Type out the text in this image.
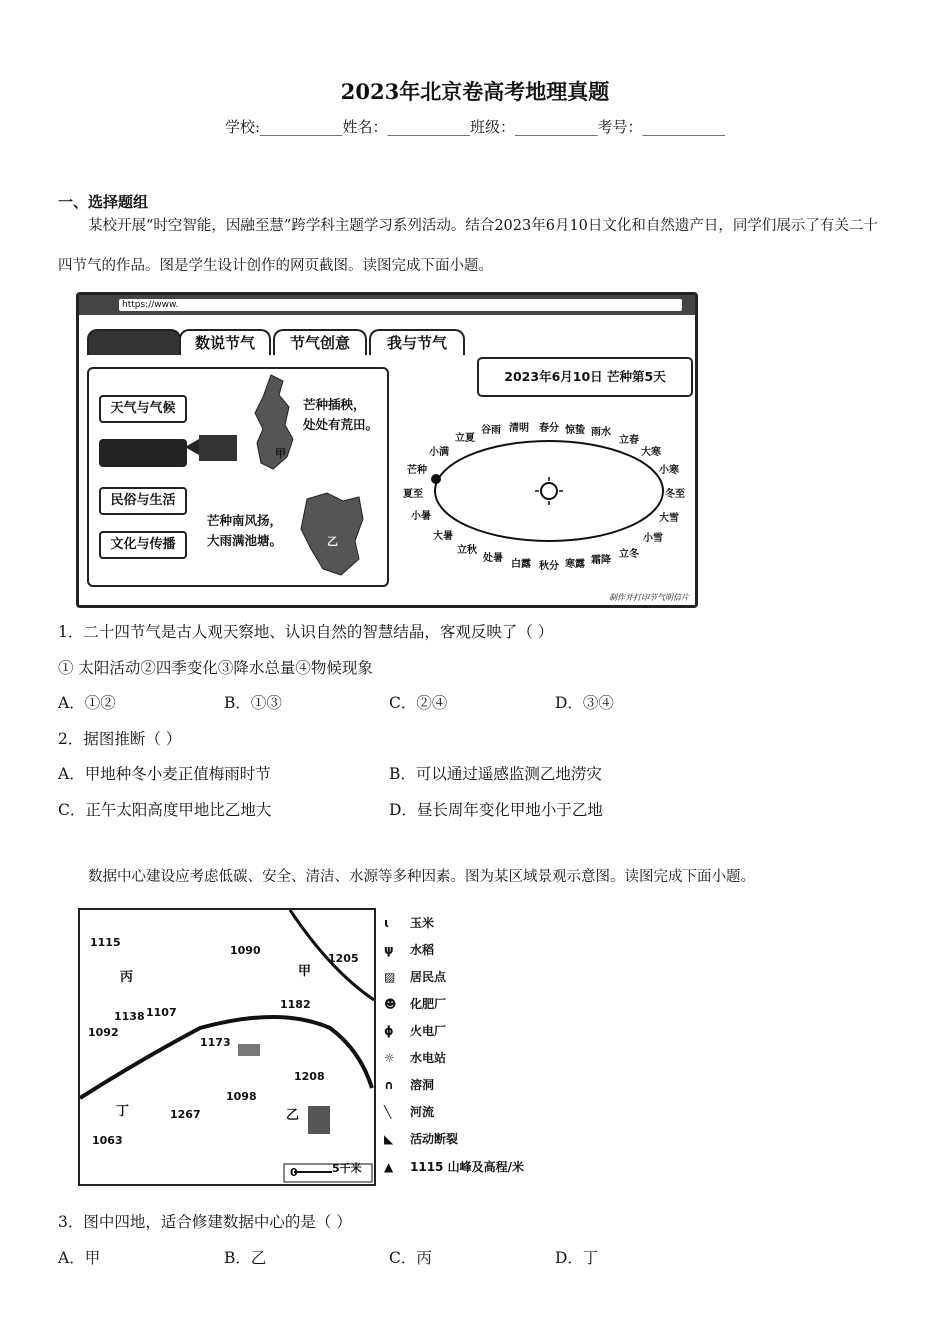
2023年北京卷高考地理真题
学校:___________姓名：___________班级：___________考号：___________
一、选择题组
某校开展“时空智能，因融至慧”跨学科主题学习系列活动。结合2023年6月10日文化和自然遗产日，同学们展示了有关二十四节气的作品。图是学生设计创作的网页截图。读图完成下面小题。
https://www.
数说节气	节气创意	我与节气
天气与气候
民俗与生活
文化与传播
甲
芒种插秧，
处处有荒田。
乙
芒种南风扬，
大雨满池塘。
2023年6月10日 芒种第5天
春分 惊蛰 雨水
立春
大寒
小寒
冬至
大雪
小雪
立冬
霜降
寒露
秋分
白露
处暑
立秋
大暑
小暑
夏至
芒种
小满
立夏
谷雨 清明
制作并打印节气明信片
1．二十四节气是古人观天察地、认识自然的智慧结晶，客观反映了（ ）
① 太阳活动②四季变化③降水总量④物候现象
A．①②	B．①③	C．②④	D．③④
2．据图推断（ ）
A．甲地种冬小麦正值梅雨时节	B．可以通过遥感监测乙地涝灾
C．正午太阳高度甲地比乙地大	D．昼长周年变化甲地小于乙地
数据中心建设应考虑低碳、安全、清洁、水源等多种因素。图为某区域景观示意图。读图完成下面小题。
1115
1090
1205
1182
1138 1107
1092
1173
1208
1098
1267
1063
甲
乙
丙
丁
0	5千米
ɩ 玉米
ψ 水稻
▨ 居民点
☻ 化肥厂
ϕ 火电厂
☼ 水电站
∩ 溶洞
╲ 河流
◣ 活动断裂
▲ 1115 山峰及高程/米
3．图中四地，适合修建数据中心的是（ ）
A．甲	B．乙	C．丙	D．丁
